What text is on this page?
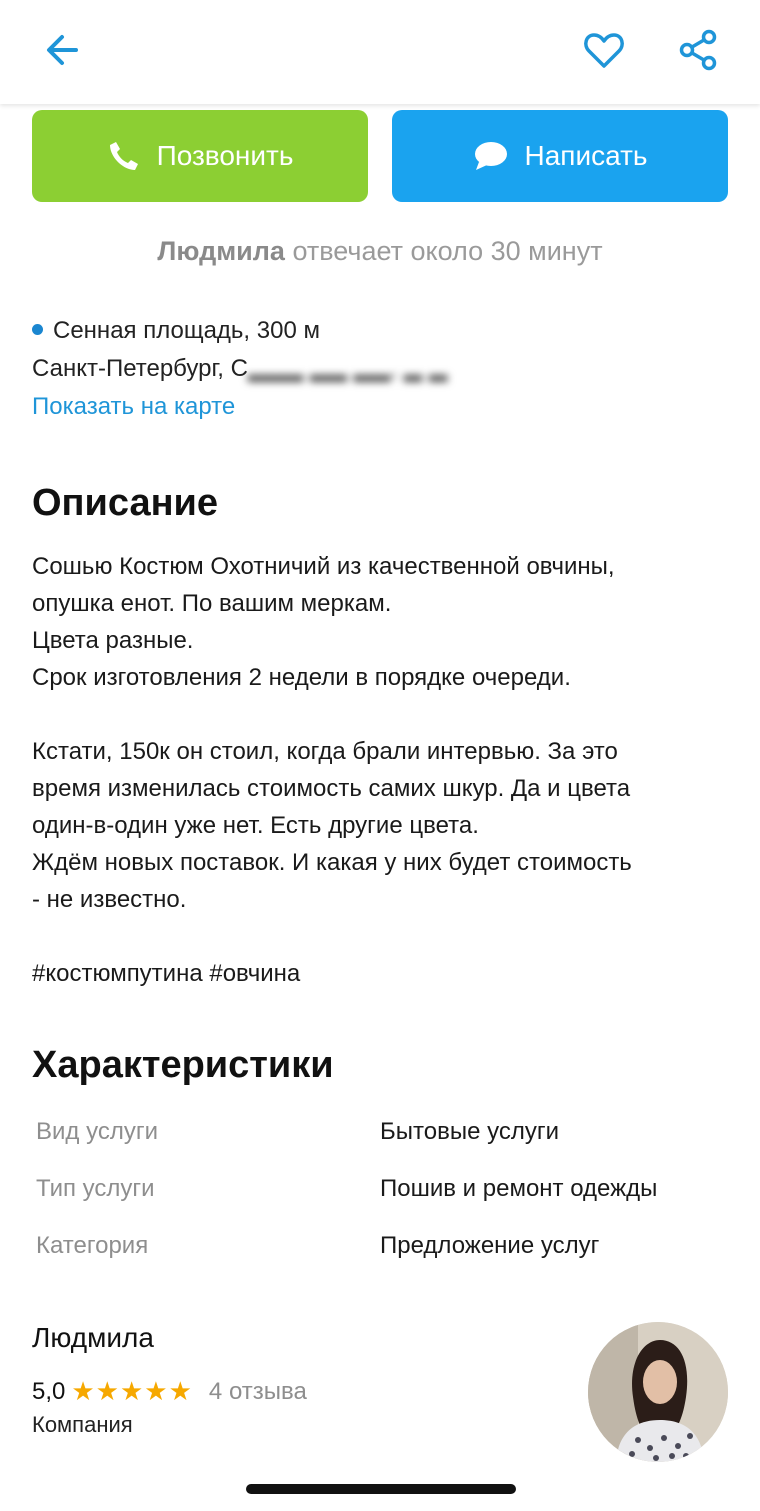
Позвонить	Написать
Людмила отвечает около 30 минут
Сенная площадь, 300 м
Санкт-Петербург, С▂▂▂ ▂▂ ▂▂, ▂ ▂
Показать на карте
Описание

Сошью Костюм Охотничий из качественной овчины,
опушка енот. По вашим меркам.
Цвета разные.
Срок изготовления 2 недели в порядке очереди.

Кстати, 150к он стоил, когда брали интервью. За это
время изменилась стоимость самих шкур. Да и цвета
один-в-один уже нет. Есть другие цвета.
Ждём новых поставок. И какая у них будет стоимость
- не известно.

#костюмпутина #овчина

Характеристики
Вид услуги	Бытовые услуги
Тип услуги	Пошив и ремонт одежды
Категория	Предложение услуг
Людмила
5,0 ★★★★★ 4 отзыва
Компания
